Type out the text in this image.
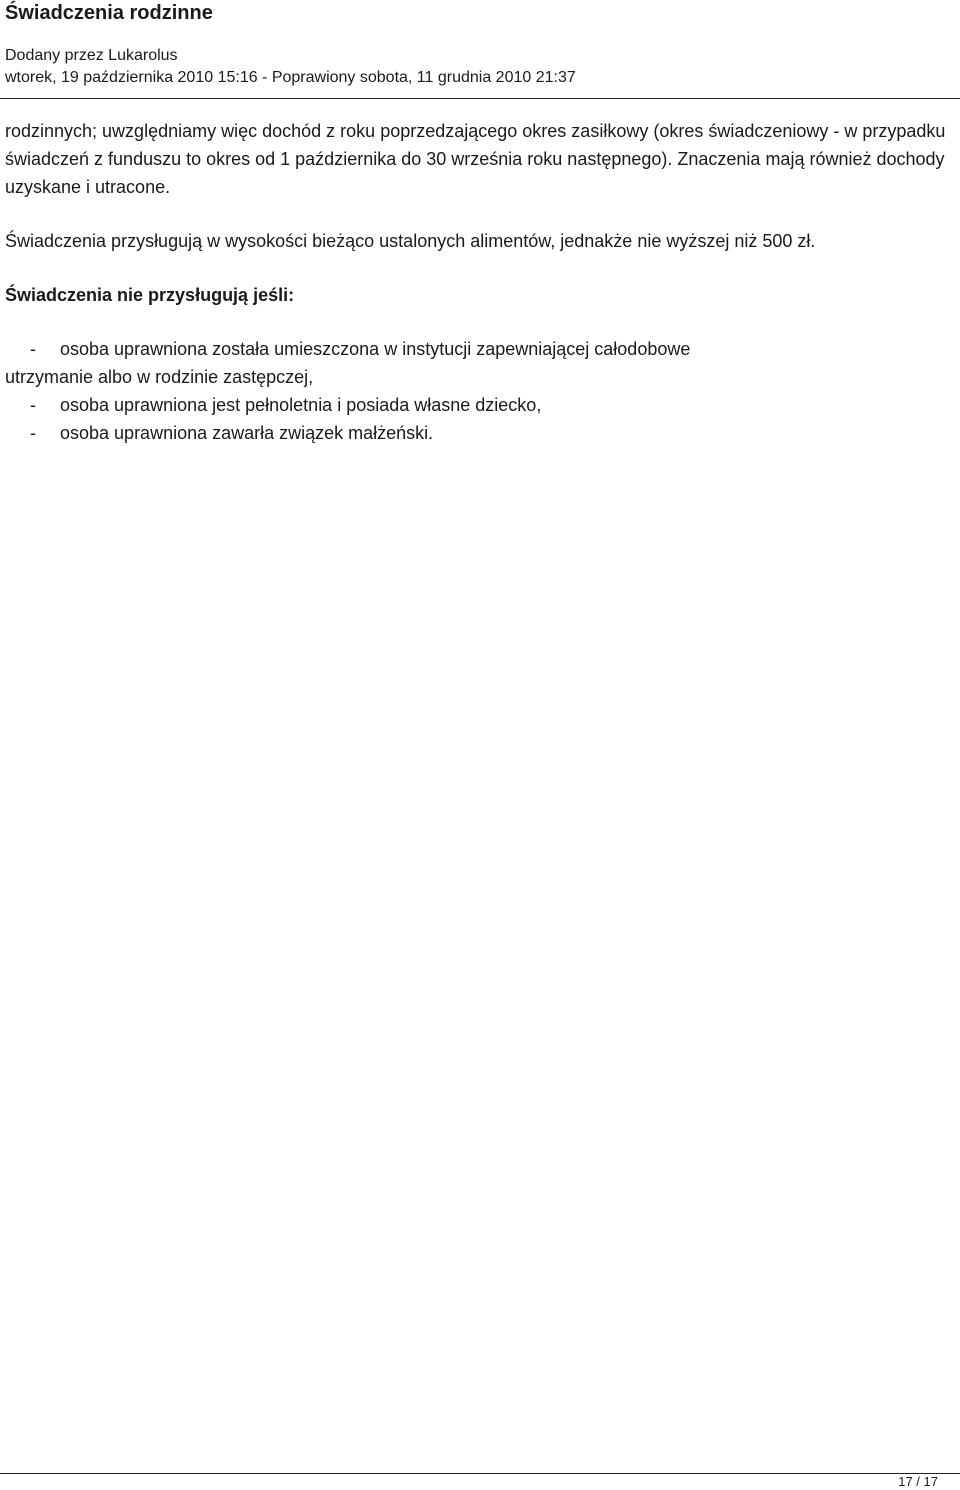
Świadczenia rodzinne
Dodany przez Lukarolus
wtorek, 19 października 2010 15:16 - Poprawiony sobota, 11 grudnia 2010 21:37

rodzinnych; uwzględniamy więc dochód z roku poprzedzającego okres zasiłkowy (okres świadczeniowy - w przypadku świadczeń z funduszu to okres od 1 października do 30 września roku następnego). Znaczenia mają również dochody uzyskane i utracone.

Świadczenia przysługują w wysokości bieżąco ustalonych alimentów, jednakże nie wyższej niż 500 zł.

Świadczenia nie przysługują jeśli:

- osoba uprawniona została umieszczona w instytucji zapewniającej całodobowe
utrzymanie albo w rodzinie zastępczej,
- osoba uprawniona jest pełnoletnia i posiada własne dziecko,
- osoba uprawniona zawarła związek małżeński.
17 / 17
